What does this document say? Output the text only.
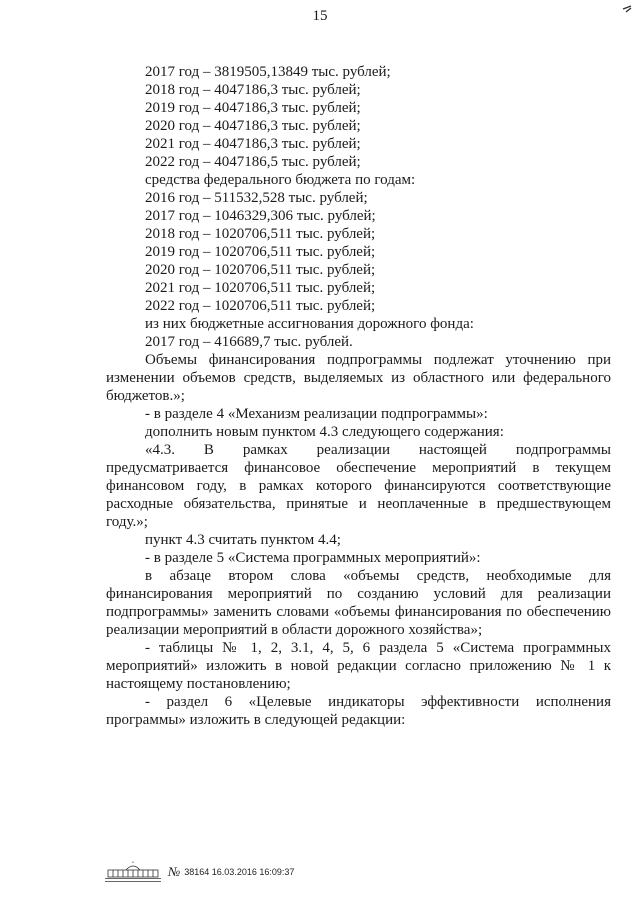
15
2017 год – 3819505,13849 тыс. рублей;
2018 год – 4047186,3 тыс. рублей;
2019 год – 4047186,3 тыс. рублей;
2020 год – 4047186,3 тыс. рублей;
2021 год – 4047186,3 тыс. рублей;
2022 год – 4047186,5 тыс. рублей;
средства федерального бюджета по годам:
2016 год – 511532,528 тыс. рублей;
2017 год – 1046329,306 тыс. рублей;
2018 год – 1020706,511 тыс. рублей;
2019 год – 1020706,511 тыс. рублей;
2020 год – 1020706,511 тыс. рублей;
2021 год – 1020706,511 тыс. рублей;
2022 год – 1020706,511 тыс. рублей;
из них бюджетные ассигнования дорожного фонда:
2017 год – 416689,7 тыс. рублей.

Объемы финансирования подпрограммы подлежат уточнению при изменении объемов средств, выделяемых из областного или федерального бюджетов.»;

- в разделе 4 «Механизм реализации подпрограммы»:
дополнить новым пунктом 4.3 следующего содержания:

«4.3. В рамках реализации настоящей подпрограммы предусматривается финансовое обеспечение мероприятий в текущем финансовом году, в рамках которого финансируются соответствующие расходные обязательства, принятые и неоплаченные в предшествующем году.»;

пункт 4.3 считать пунктом 4.4;
- в разделе 5 «Система программных мероприятий»:

в абзаце втором слова «объемы средств, необходимые для финансирования мероприятий по созданию условий для реализации подпрограммы» заменить словами «объемы финансирования по обеспечению реализации мероприятий в области дорожного хозяйства»;

- таблицы № 1, 2, 3.1, 4, 5, 6 раздела 5 «Система программных мероприятий» изложить в новой редакции согласно приложению № 1 к настоящему постановлению;

- раздел 6 «Целевые индикаторы эффективности исполнения программы» изложить в следующей редакции:

№ 38164 16.03.2016 16:09:37
